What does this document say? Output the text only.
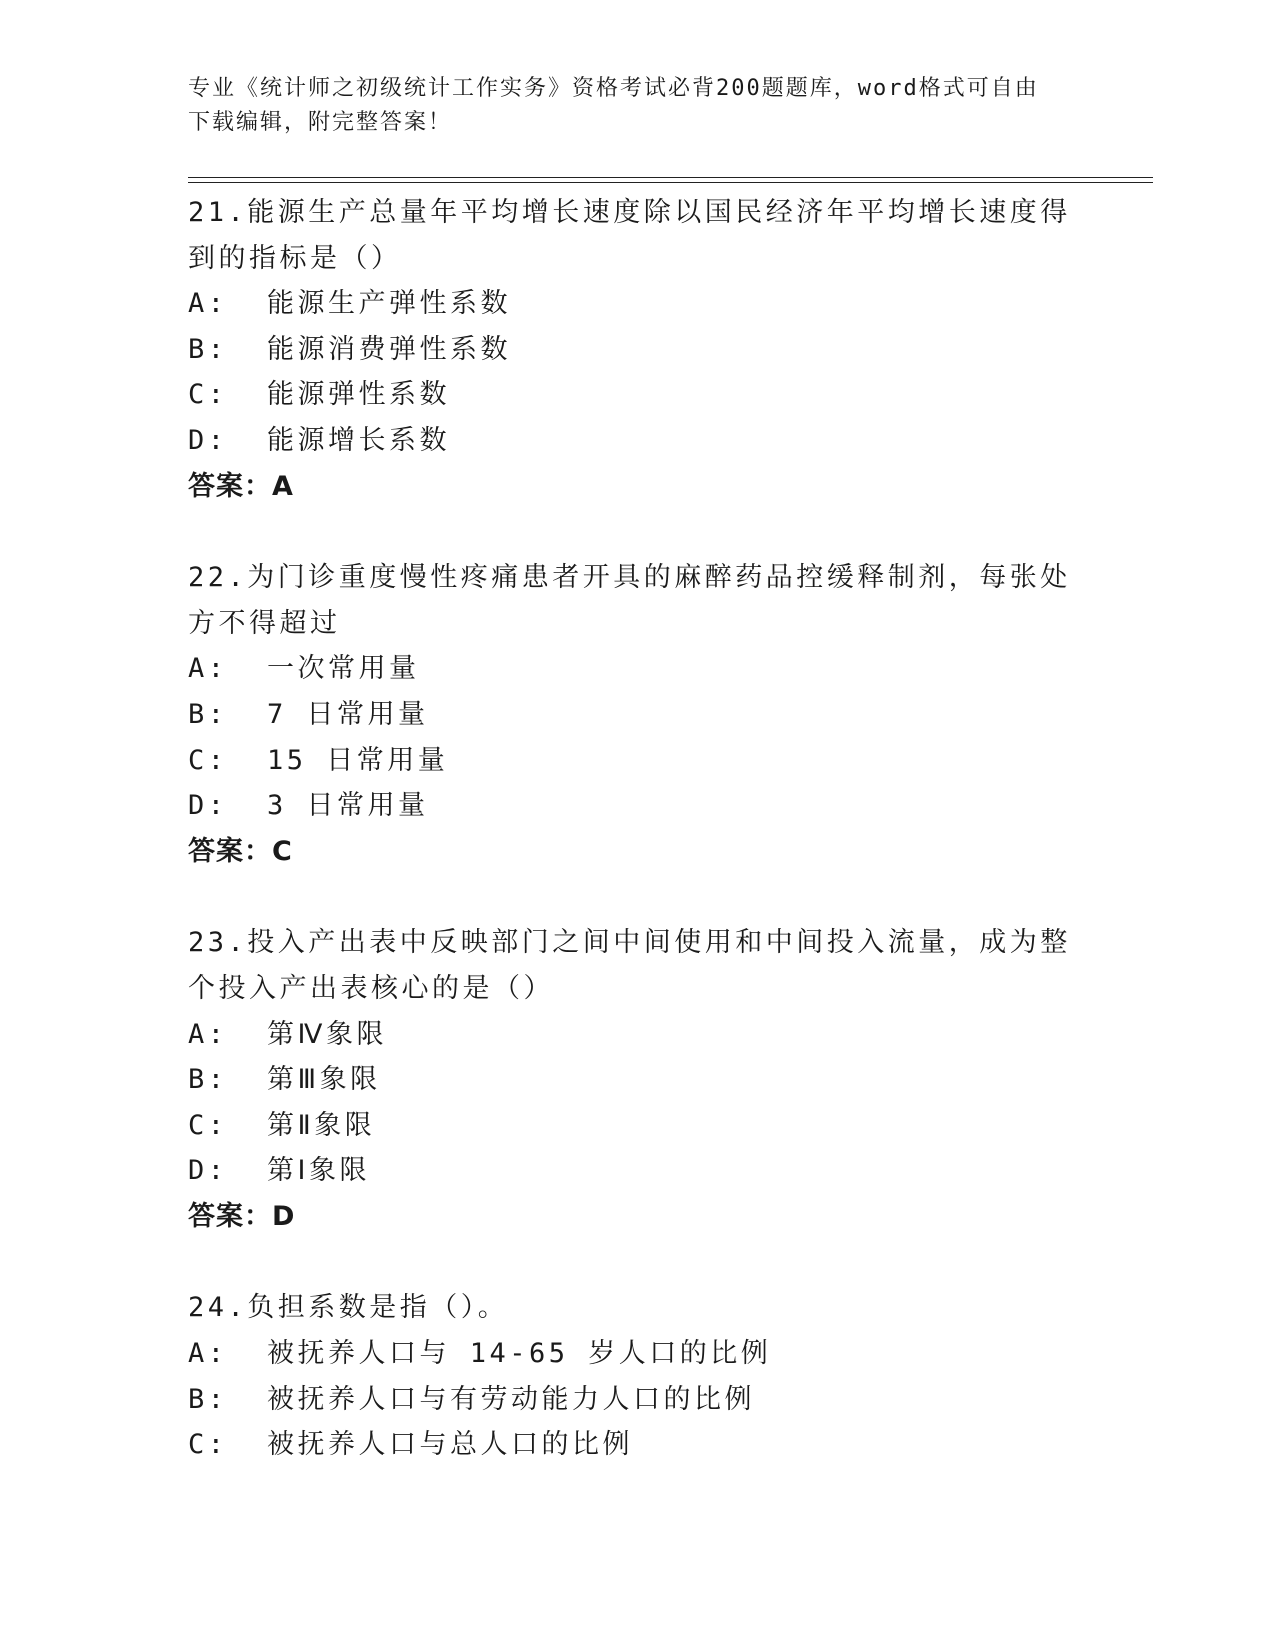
专业《统计师之初级统计工作实务》资格考试必背200题题库，word格式可自由
下载编辑，附完整答案！
21.能源生产总量年平均增长速度除以国民经济年平均增长速度得到的指标是（）
A:  能源生产弹性系数
B:  能源消费弹性系数
C:  能源弹性系数
D:  能源增长系数
答案：A
22.为门诊重度慢性疼痛患者开具的麻醉药品控缓释制剂，每张处方不得超过
A:  一次常用量
B:  7 日常用量
C:  15 日常用量
D:  3 日常用量
答案：C
23.投入产出表中反映部门之间中间使用和中间投入流量，成为整个投入产出表核心的是（）
A:  第Ⅳ象限
B:  第Ⅲ象限
C:  第Ⅱ象限
D:  第Ⅰ象限
答案：D
24.负担系数是指（）。
A:  被抚养人口与 14-65 岁人口的比例
B:  被抚养人口与有劳动能力人口的比例
C:  被抚养人口与总人口的比例
